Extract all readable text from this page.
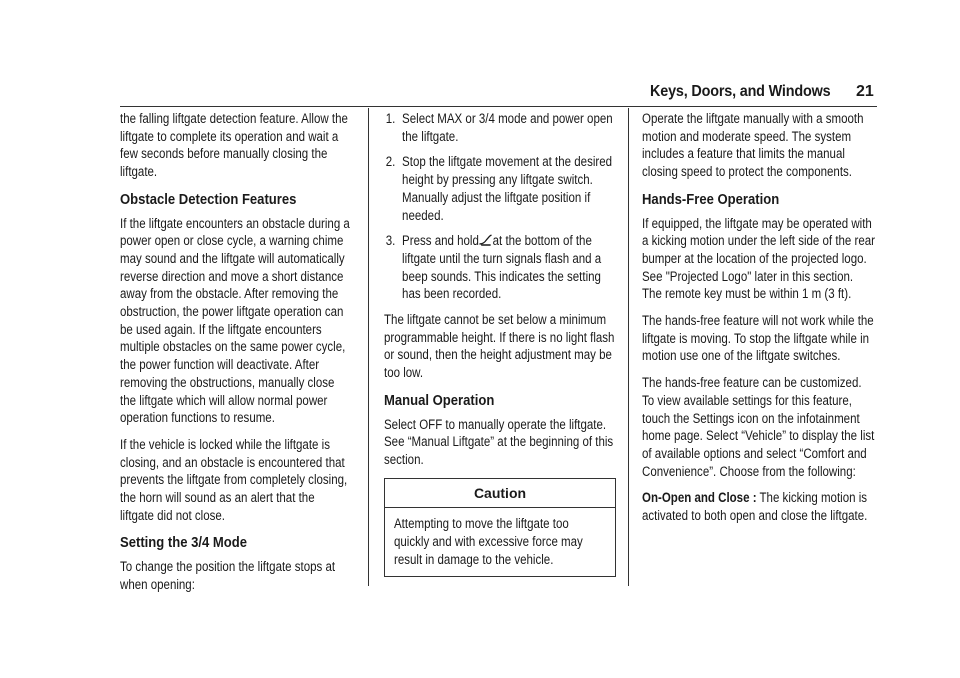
Keys, Doors, and Windows 21

the falling liftgate detection feature. Allow the liftgate to complete its operation and wait a few seconds before manually closing the liftgate.

Obstacle Detection Features

If the liftgate encounters an obstacle during a power open or close cycle, a warning chime may sound and the liftgate will automatically reverse direction and move a short distance away from the obstacle. After removing the obstruction, the power liftgate operation can be used again. If the liftgate encounters multiple obstacles on the same power cycle, the power function will deactivate. After removing the obstructions, manually close the liftgate which will allow normal power operation functions to resume.

If the vehicle is locked while the liftgate is closing, and an obstacle is encountered that prevents the liftgate from completely closing, the horn will sound as an alert that the liftgate did not close.

Setting the 3/4 Mode

To change the position the liftgate stops at when opening:

1. Select MAX or 3/4 mode and power open the liftgate.
2. Stop the liftgate movement at the desired height by pressing any liftgate switch. Manually adjust the liftgate position if needed.
3. Press and hold at the bottom of the liftgate until the turn signals flash and a beep sounds. This indicates the setting has been recorded.

The liftgate cannot be set below a minimum programmable height. If there is no light flash or sound, then the height adjustment may be too low.

Manual Operation

Select OFF to manually operate the liftgate. See “Manual Liftgate” at the beginning of this section.

Caution

Attempting to move the liftgate too quickly and with excessive force may result in damage to the vehicle.

Operate the liftgate manually with a smooth motion and moderate speed. The system includes a feature that limits the manual closing speed to protect the components.

Hands-Free Operation

If equipped, the liftgate may be operated with a kicking motion under the left side of the rear bumper at the location of the projected logo. See "Projected Logo" later in this section. The remote key must be within 1 m (3 ft).

The hands-free feature will not work while the liftgate is moving. To stop the liftgate while in motion use one of the liftgate switches.

The hands-free feature can be customized. To view available settings for this feature, touch the Settings icon on the infotainment home page. Select “Vehicle” to display the list of available options and select “Comfort and Convenience”. Choose from the following:

On-Open and Close : The kicking motion is activated to both open and close the liftgate.
